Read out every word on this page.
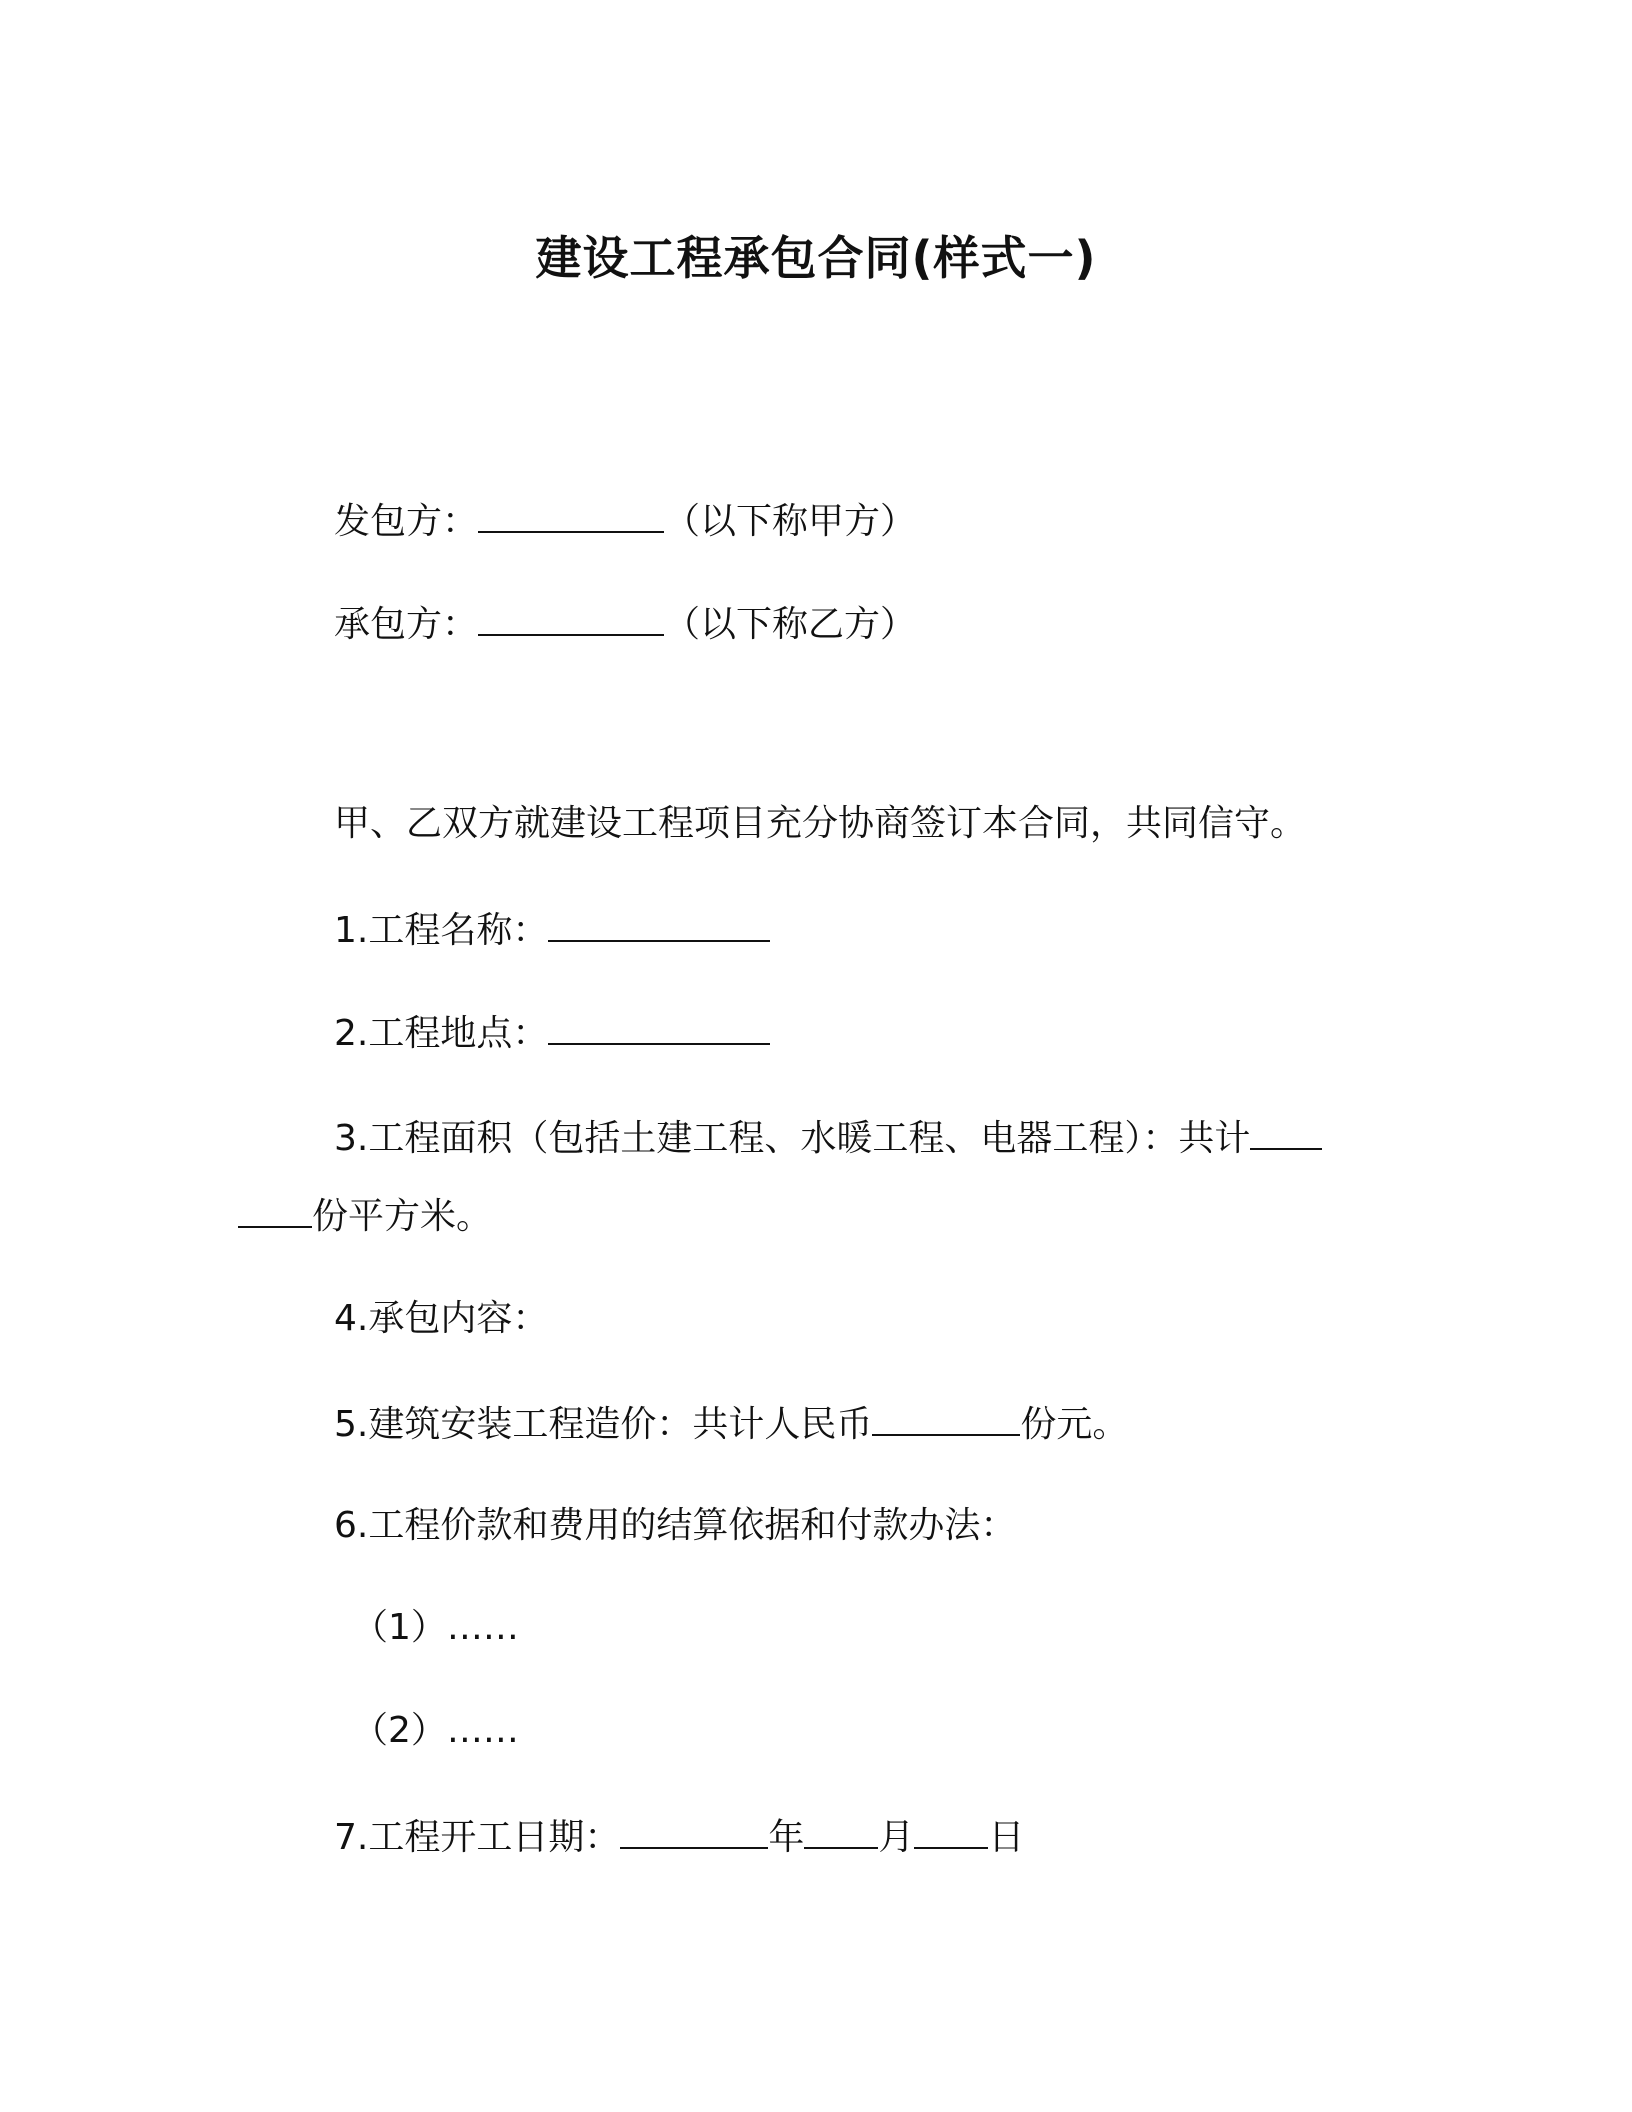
建设工程承包合同(样式一)
发包方：	（以下称甲方）
承包方：	（以下称乙方）
甲、乙双方就建设工程项目充分协商签订本合同，共同信守。
1.工程名称：
2.工程地点：
3.工程面积（包括土建工程、水暖工程、电器工程）：共计
份平方米。
4.承包内容：
5.建筑安装工程造价：共计人民币	份元。
6.工程价款和费用的结算依据和付款办法：
（1）……
（2）……
7.工程开工日期：	年 月 日
